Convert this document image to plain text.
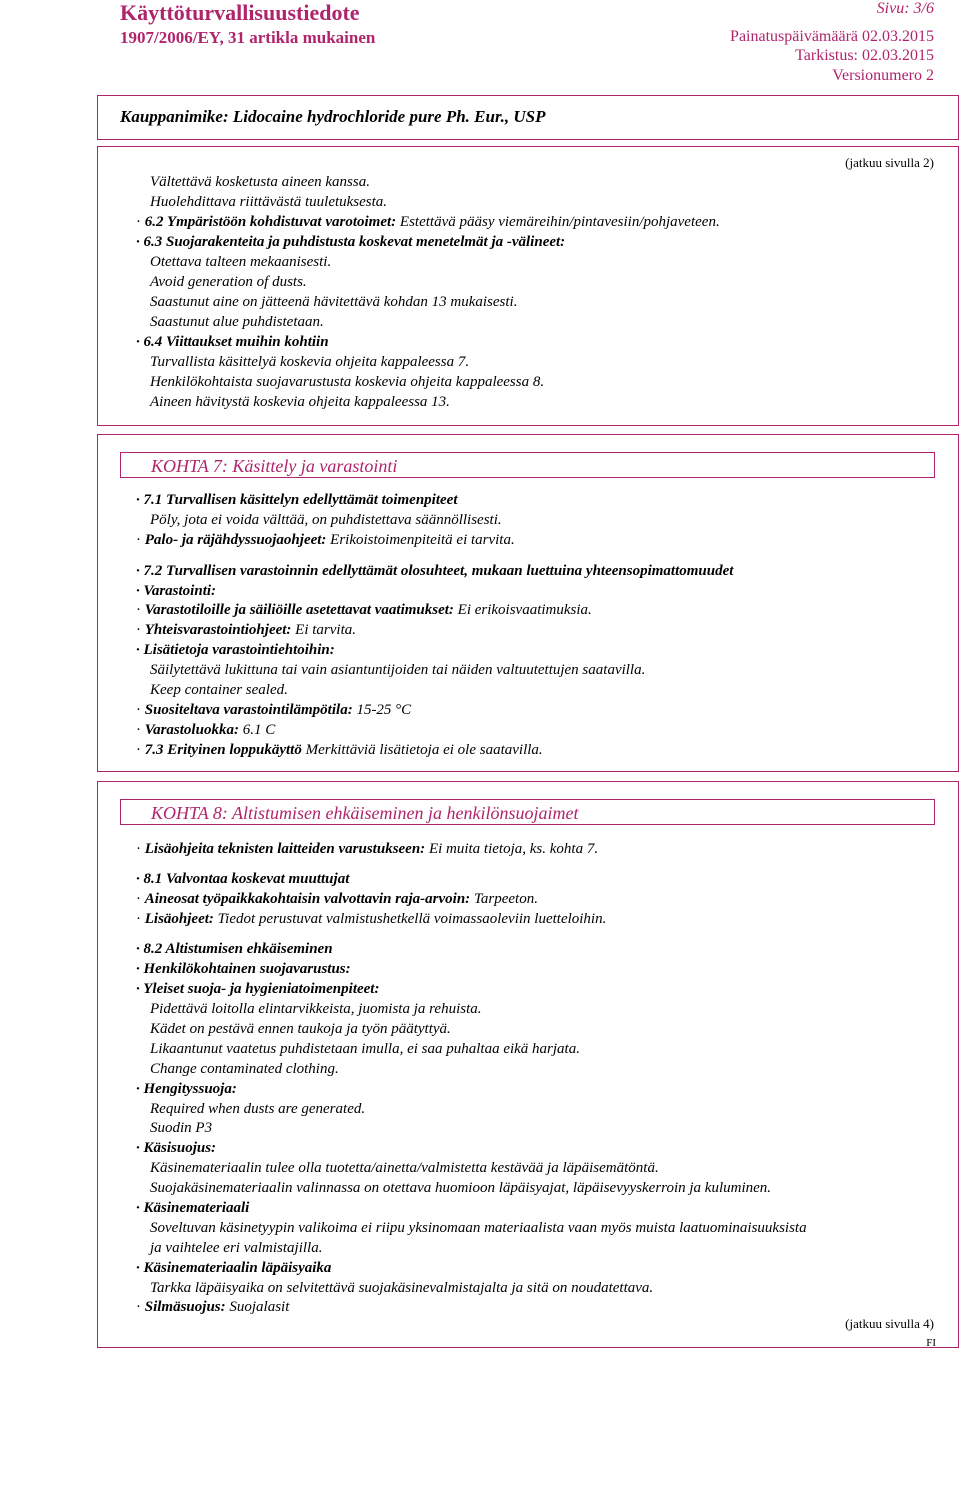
Käyttöturvallisuustiedote
1907/2006/EY, 31 artikla mukainen
Sivu: 3/6
Painatuspäivämäärä 02.03.2015
Tarkistus: 02.03.2015
Versionumero 2
Kauppanimike: Lidocaine hydrochloride pure Ph. Eur., USP
(jatkuu sivulla 2)
Vältettävä kosketusta aineen kanssa.
Huolehdittava riittävästä tuuletuksesta.
· 6.2 Ympäristöön kohdistuvat varotoimet: Estettävä pääsy viemäreihin/pintavesiin/pohjaveteen.
· 6.3 Suojarakenteita ja puhdistusta koskevat menetelmät ja -välineet:
Otettava talteen mekaanisesti.
Avoid generation of dusts.
Saastunut aine on jätteenä hävitettävä kohdan 13 mukaisesti.
Saastunut alue puhdistetaan.
· 6.4 Viittaukset muihin kohtiin
Turvallista käsittelyä koskevia ohjeita kappaleessa 7.
Henkilökohtaista suojavarustusta koskevia ohjeita kappaleessa 8.
Aineen hävitystä koskevia ohjeita kappaleessa 13.
KOHTA 7: Käsittely ja varastointi
· 7.1 Turvallisen käsittelyn edellyttämät toimenpiteet
Pöly, jota ei voida välttää, on puhdistettava säännöllisesti.
· Palo- ja räjähdyssuojaohjeet: Erikoistoimenpiteitä ei tarvita.
· 7.2 Turvallisen varastoinnin edellyttämät olosuhteet, mukaan luettuina yhteensopimattomuudet
· Varastointi:
· Varastotiloille ja säiliöille asetettavat vaatimukset: Ei erikoisvaatimuksia.
· Yhteisvarastointiohjeet: Ei tarvita.
· Lisätietoja varastointiehtoihin:
Säilytettävä lukittuna tai vain asiantuntijoiden tai näiden valtuutettujen saatavilla.
Keep container sealed.
· Suositeltava varastointilämpötila: 15-25 °C
· Varastoluokka: 6.1 C
· 7.3 Erityinen loppukäyttö Merkittäviä lisätietoja ei ole saatavilla.
KOHTA 8: Altistumisen ehkäiseminen ja henkilönsuojaimet
· Lisäohjeita teknisten laitteiden varustukseen: Ei muita tietoja, ks. kohta 7.
· 8.1 Valvontaa koskevat muuttujat
· Aineosat työpaikkakohtaisin valvottavin raja-arvoin: Tarpeeton.
· Lisäohjeet: Tiedot perustuvat valmistushetkellä voimassaoleviin luetteloihin.
· 8.2 Altistumisen ehkäiseminen
· Henkilökohtainen suojavarustus:
· Yleiset suoja- ja hygieniatoimenpiteet:
Pidettävä loitolla elintarvikkeista, juomista ja rehuista.
Kädet on pestävä ennen taukoja ja työn päätyttyä.
Likaantunut vaatetus puhdistetaan imulla, ei saa puhaltaa eikä harjata.
Change contaminated clothing.
· Hengityssuoja:
Required when dusts are generated.
Suodin P3
· Käsisuojus:
Käsinemateriaalin tulee olla tuotetta/ainetta/valmistetta kestävää ja läpäisemätöntä.
Suojakäsinemateriaalin valinnassa on otettava huomioon läpäisyajat, läpäisevyyskerroin ja kuluminen.
· Käsinemateriaali
Soveltuvan käsinetyypin valikoima ei riipu yksinomaan materiaalista vaan myös muista laatuominaisuuksista
ja vaihtelee eri valmistajilla.
· Käsinemateriaalin läpäisyaika
Tarkka läpäisyaika on selvitettävä suojakäsinevalmistajalta ja sitä on noudatettava.
· Silmäsuojus: Suojalasit
(jatkuu sivulla 4)
FI
